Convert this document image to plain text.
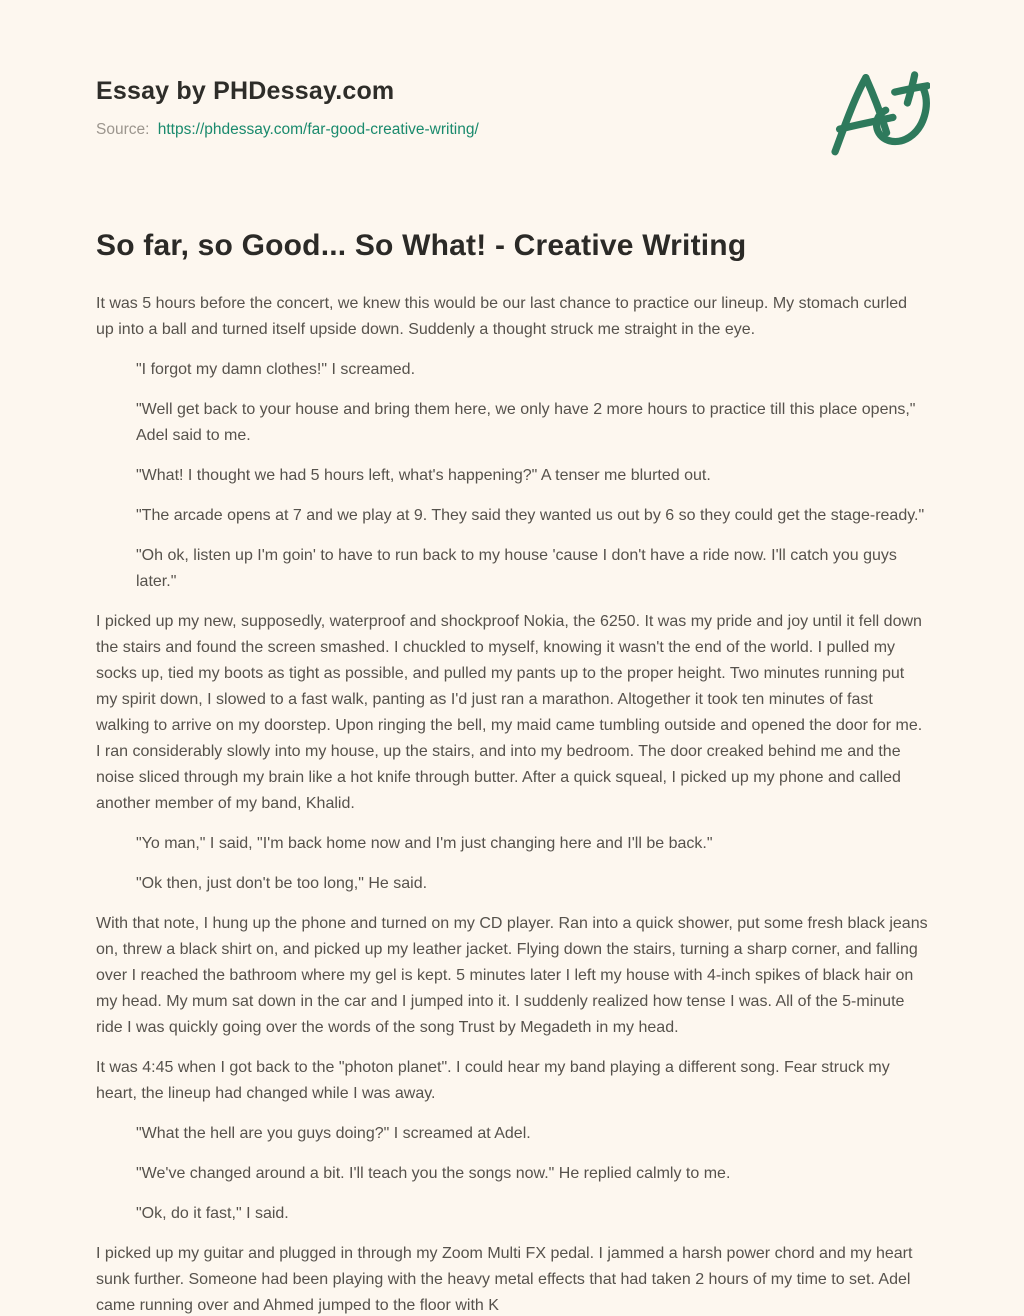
Essay by PHDessay.com
Source: https://phdessay.com/far-good-creative-writing/
So far, so Good... So What! - Creative Writing

It was 5 hours before the concert, we knew this would be our last chance to practice our lineup. My stomach curled up into a ball and turned itself upside down. Suddenly a thought struck me straight in the eye.

"I forgot my damn clothes!" I screamed.

"Well get back to your house and bring them here, we only have 2 more hours to practice till this place opens," Adel said to me.

"What! I thought we had 5 hours left, what's happening?" A tenser me blurted out.

"The arcade opens at 7 and we play at 9. They said they wanted us out by 6 so they could get the stage-ready."

"Oh ok, listen up I'm goin' to have to run back to my house 'cause I don't have a ride now. I'll catch you guys later."

I picked up my new, supposedly, waterproof and shockproof Nokia, the 6250. It was my pride and joy until it fell down the stairs and found the screen smashed. I chuckled to myself, knowing it wasn't the end of the world. I pulled my socks up, tied my boots as tight as possible, and pulled my pants up to the proper height. Two minutes running put my spirit down, I slowed to a fast walk, panting as I'd just ran a marathon. Altogether it took ten minutes of fast walking to arrive on my doorstep. Upon ringing the bell, my maid came tumbling outside and opened the door for me. I ran considerably slowly into my house, up the stairs, and into my bedroom. The door creaked behind me and the noise sliced through my brain like a hot knife through butter. After a quick squeal, I picked up my phone and called another member of my band, Khalid.

"Yo man," I said, "I'm back home now and I'm just changing here and I'll be back."

"Ok then, just don't be too long," He said.

With that note, I hung up the phone and turned on my CD player. Ran into a quick shower, put some fresh black jeans on, threw a black shirt on, and picked up my leather jacket. Flying down the stairs, turning a sharp corner, and falling over I reached the bathroom where my gel is kept. 5 minutes later I left my house with 4-inch spikes of black hair on my head. My mum sat down in the car and I jumped into it. I suddenly realized how tense I was. All of the 5-minute ride I was quickly going over the words of the song Trust by Megadeth in my head.

It was 4:45 when I got back to the "photon planet". I could hear my band playing a different song. Fear struck my heart, the lineup had changed while I was away.

"What the hell are you guys doing?" I screamed at Adel.

"We've changed around a bit. I'll teach you the songs now." He replied calmly to me.

"Ok, do it fast," I said.

I picked up my guitar and plugged in through my Zoom Multi FX pedal. I jammed a harsh power chord and my heart sunk further. Someone had been playing with the heavy metal effects that had taken 2 hours of my time to set. Adel came running over and Ahmed jumped to the floor with K
